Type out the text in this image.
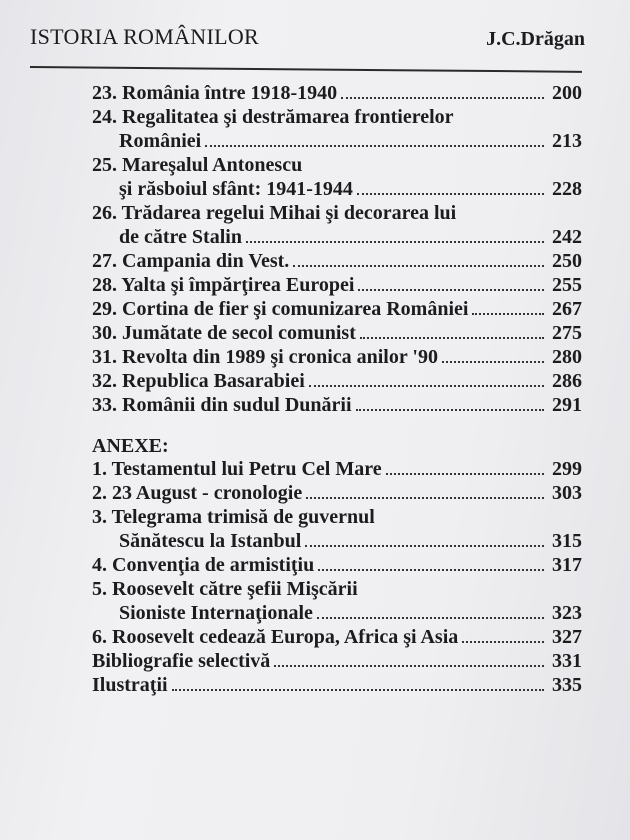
ISTORIA ROMÂNILOR	J.C.Drăgan
23. România între 1918-1940	200
24. Regalitatea şi destrămarea frontierelor
României	213
25. Mareşalul Antonescu
şi răsboiul sfânt: 1941-1944	228
26. Trădarea regelui Mihai şi decorarea lui
de către Stalin	242
27. Campania din Vest.	250
28. Yalta şi împărţirea Europei	255
29. Cortina de fier şi comunizarea României	267
30. Jumătate de secol comunist	275
31. Revolta din 1989 şi cronica anilor '90	280
32. Republica Basarabiei	286
33. Românii din sudul Dunării	291
ANEXE:
1. Testamentul lui Petru Cel Mare	299
2. 23 August - cronologie	303
3. Telegrama trimisă de guvernul
Sănătescu la Istanbul	315
4. Convenţia de armistiţiu	317
5. Roosevelt către şefii Mişcării
Sioniste Internaţionale	323
6. Roosevelt cedează Europa, Africa şi Asia	327
Bibliografie selectivă	331
Ilustraţii	335
